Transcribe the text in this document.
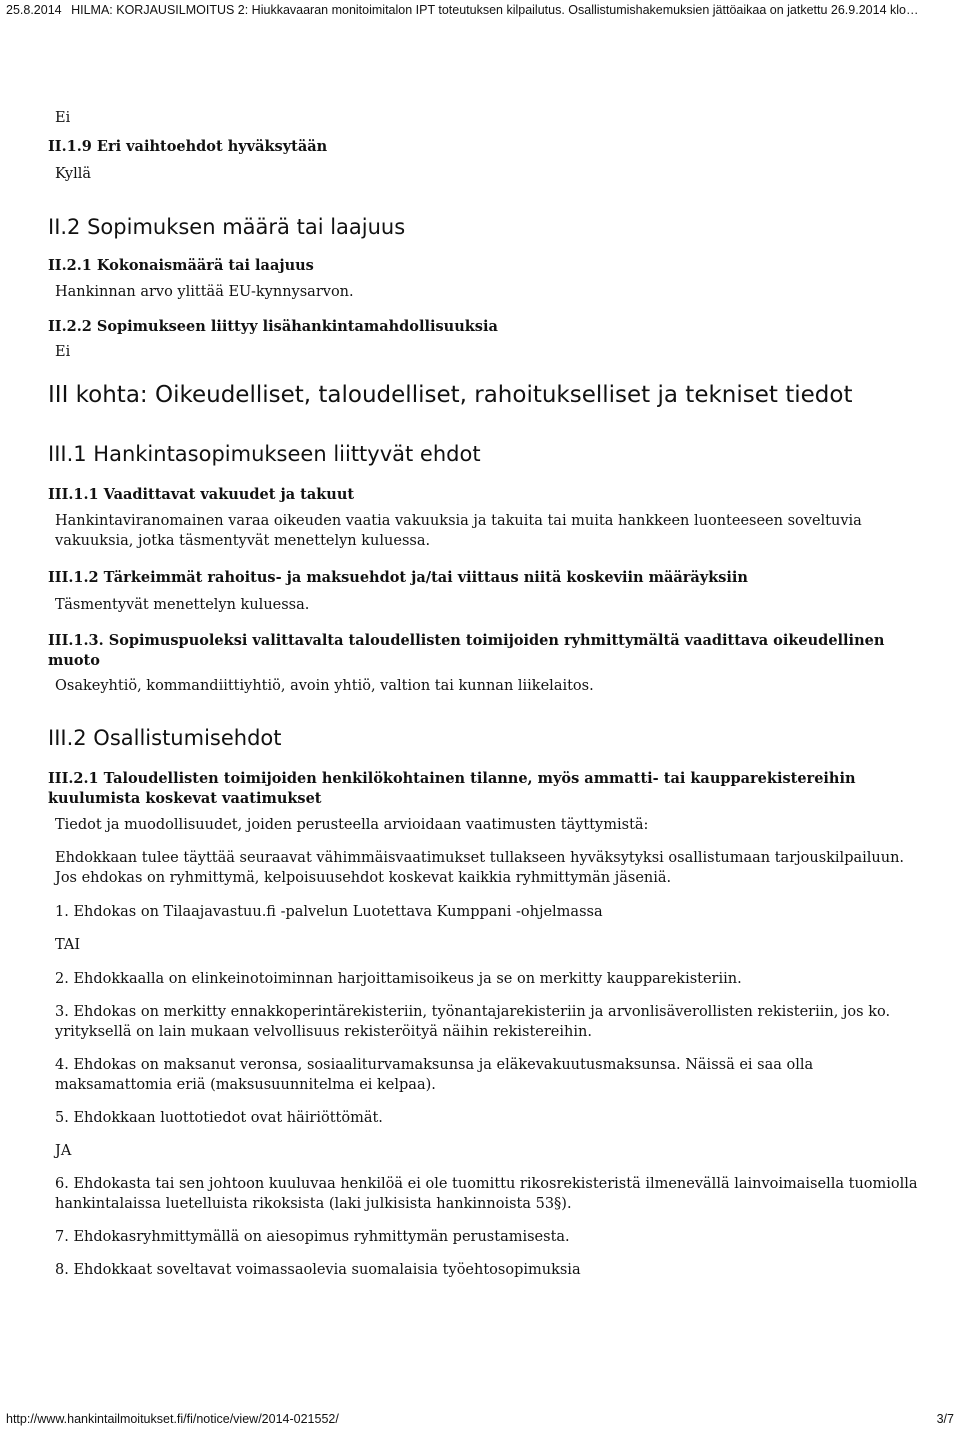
25.8.2014 HILMA: KORJAUSILMOITUS 2: Hiukkavaaran monitoimitalon IPT toteutuksen kilpailutus. Osallistumishakemuksien jättöaikaa on jatkettu 26.9.2014 klo…

Ei

II.1.9 Eri vaihtoehdot hyväksytään

Kyllä

II.2 Sopimuksen määrä tai laajuus

II.2.1 Kokonaismäärä tai laajuus

Hankinnan arvo ylittää EU-kynnysarvon.

II.2.2 Sopimukseen liittyy lisähankintamahdollisuuksia

Ei

III kohta: Oikeudelliset, taloudelliset, rahoitukselliset ja tekniset tiedot
III.1 Hankintasopimukseen liittyvät ehdot

III.1.1 Vaadittavat vakuudet ja takuut

Hankintaviranomainen varaa oikeuden vaatia vakuuksia ja takuita tai muita hankkeen luonteeseen soveltuvia vakuuksia, jotka täsmentyvät menettelyn kuluessa.

III.1.2 Tärkeimmät rahoitus- ja maksuehdot ja/tai viittaus niitä koskeviin määräyksiin

Täsmentyvät menettelyn kuluessa.

III.1.3. Sopimuspuoleksi valittavalta taloudellisten toimijoiden ryhmittymältä vaadittava oikeudellinen muoto

Osakeyhtiö, kommandiittiyhtiö, avoin yhtiö, valtion tai kunnan liikelaitos.

III.2 Osallistumisehdot

III.2.1 Taloudellisten toimijoiden henkilökohtainen tilanne, myös ammatti- tai kaupparekistereihin kuulumista koskevat vaatimukset

Tiedot ja muodollisuudet, joiden perusteella arvioidaan vaatimusten täyttymistä:

Ehdokkaan tulee täyttää seuraavat vähimmäisvaatimukset tullakseen hyväksytyksi osallistumaan tarjouskilpailuun. Jos ehdokas on ryhmittymä, kelpoisuusehdot koskevat kaikkia ryhmittymän jäseniä.

1. Ehdokas on Tilaajavastuu.fi -palvelun Luotettava Kumppani -ohjelmassa

TAI

2. Ehdokkaalla on elinkeinotoiminnan harjoittamisoikeus ja se on merkitty kaupparekisteriin.

3. Ehdokas on merkitty ennakkoperintärekisteriin, työnantajarekisteriin ja arvonlisäverollisten rekisteriin, jos ko. yrityksellä on lain mukaan velvollisuus rekisteröityä näihin rekistereihin.

4. Ehdokas on maksanut veronsa, sosiaaliturvamaksunsa ja eläkevakuutusmaksunsa. Näissä ei saa olla maksamattomia eriä (maksusuunnitelma ei kelpaa).

5. Ehdokkaan luottotiedot ovat häiriöttömät.

JA

6. Ehdokasta tai sen johtoon kuuluvaa henkilöä ei ole tuomittu rikosrekisteristä ilmenevällä lainvoimaisella tuomiolla hankintalaissa luetelluista rikoksista (laki julkisista hankinnoista 53§).

7. Ehdokasryhmittymällä on aiesopimus ryhmittymän perustamisesta.

8. Ehdokkaat soveltavat voimassaolevia suomalaisia työehtosopimuksia

http://www.hankintailmoitukset.fi/fi/notice/view/2014-021552/	3/7
